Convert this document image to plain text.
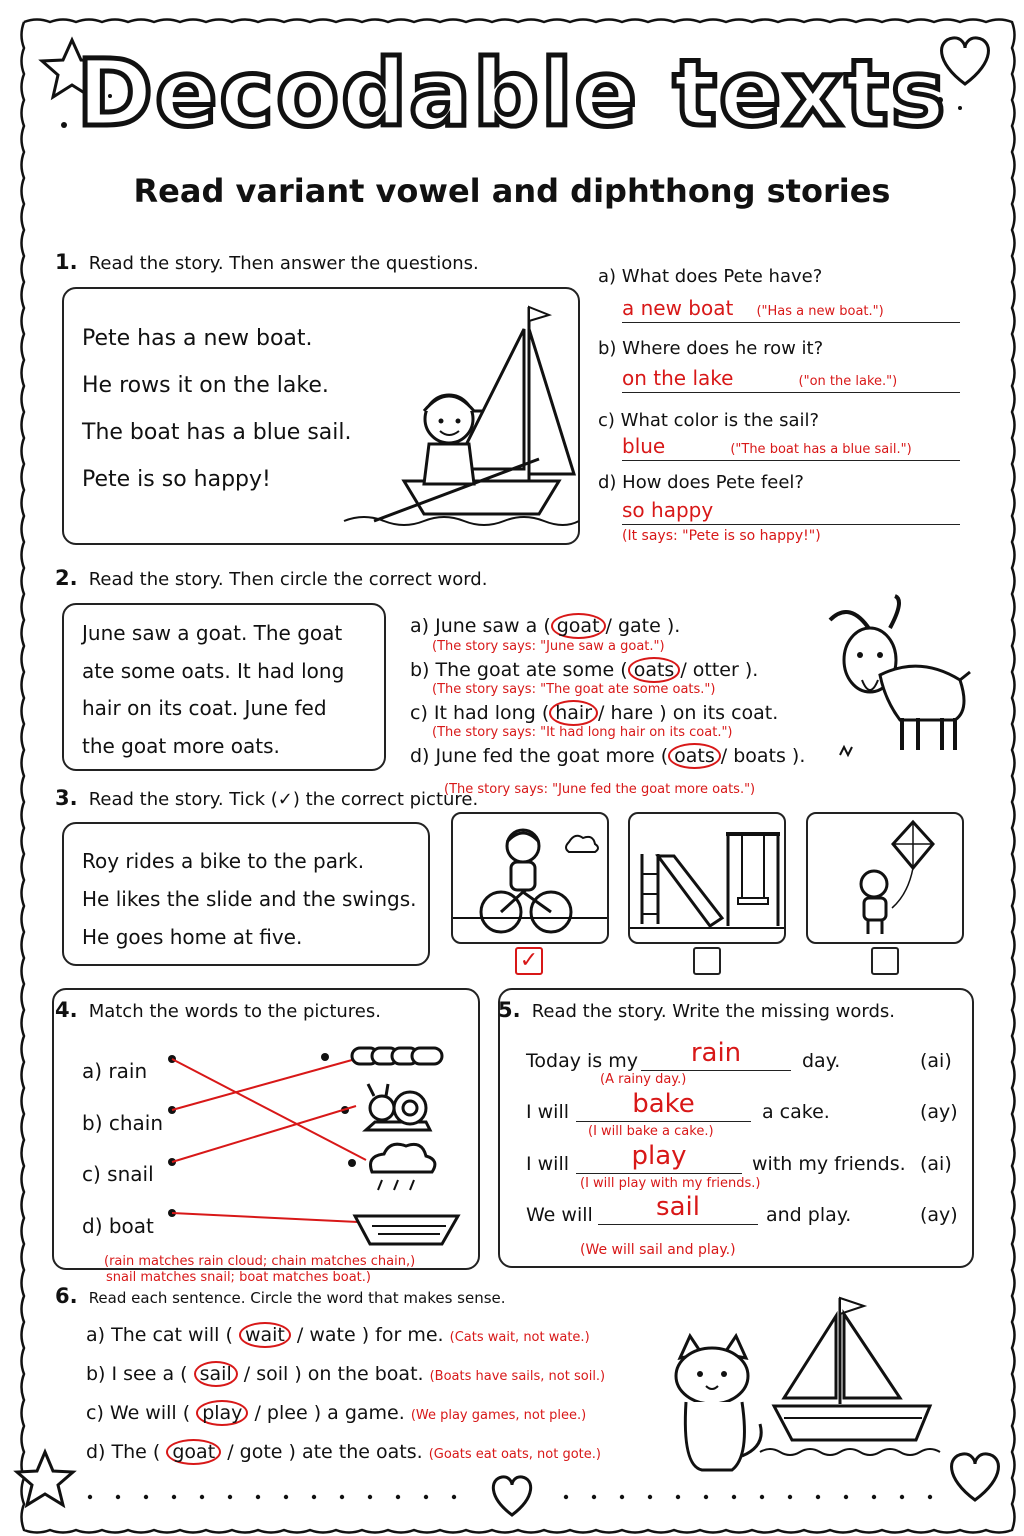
Decodable texts
Read variant vowel and diphthong stories
1. Read the story. Then answer the questions.
Pete has a new boat.
He rows it on the lake.
The boat has a blue sail.
Pete is so happy!
a) What does Pete have?
a new boat ("Has a new boat.")
b) Where does he row it?
on the lake	("on the lake.")
c) What color is the sail?
blue	("The boat has a blue sail.")
d) How does Pete feel?
so happy
(It says: "Pete is so happy!")
2. Read the story. Then circle the correct word.
June saw a goat. The goat
ate some oats. It had long
hair on its coat. June fed
the goat more oats.
a) June saw a ( goat / gate ).
(The story says: "June saw a goat.")
b) The goat ate some ( oats / otter ).
(The story says: "The goat ate some oats.")
c) It had long ( hair / hare ) on its coat.
(The story says: "It had long hair on its coat.")
d) June fed the goat more ( oats / boats ).
(The story says: "June fed the goat more oats.")
3. Read the story. Tick (✓) the correct picture.
Roy rides a bike to the park.
He likes the slide and the swings.
He goes home at five.
✓
4. Match the words to the pictures.
a) rain
b) chain
c) snail
d) boat
(rain matches rain cloud; chain matches chain,)
snail matches snail; boat matches boat.)
5. Read the story. Write the missing words.
Today is my	rain	day.	(ai)
(A rainy day.)
I will	bake	a cake.	(ay)
(I will bake a cake.)
I will	play	with my friends. (ai)
(I will play with my friends.)
We will	sail	and play.	(ay)
(We will sail and play.)
6. Read each sentence. Circle the word that makes sense.
a) The cat will ( wait / wate ) for me. (Cats wait, not wate.)
b) I see a ( sail / soil ) on the boat. (Boats have sails, not soil.)
c) We will ( play / plee ) a game. (We play games, not plee.)
d) The ( goat / gote ) ate the oats. (Goats eat oats, not gote.)
